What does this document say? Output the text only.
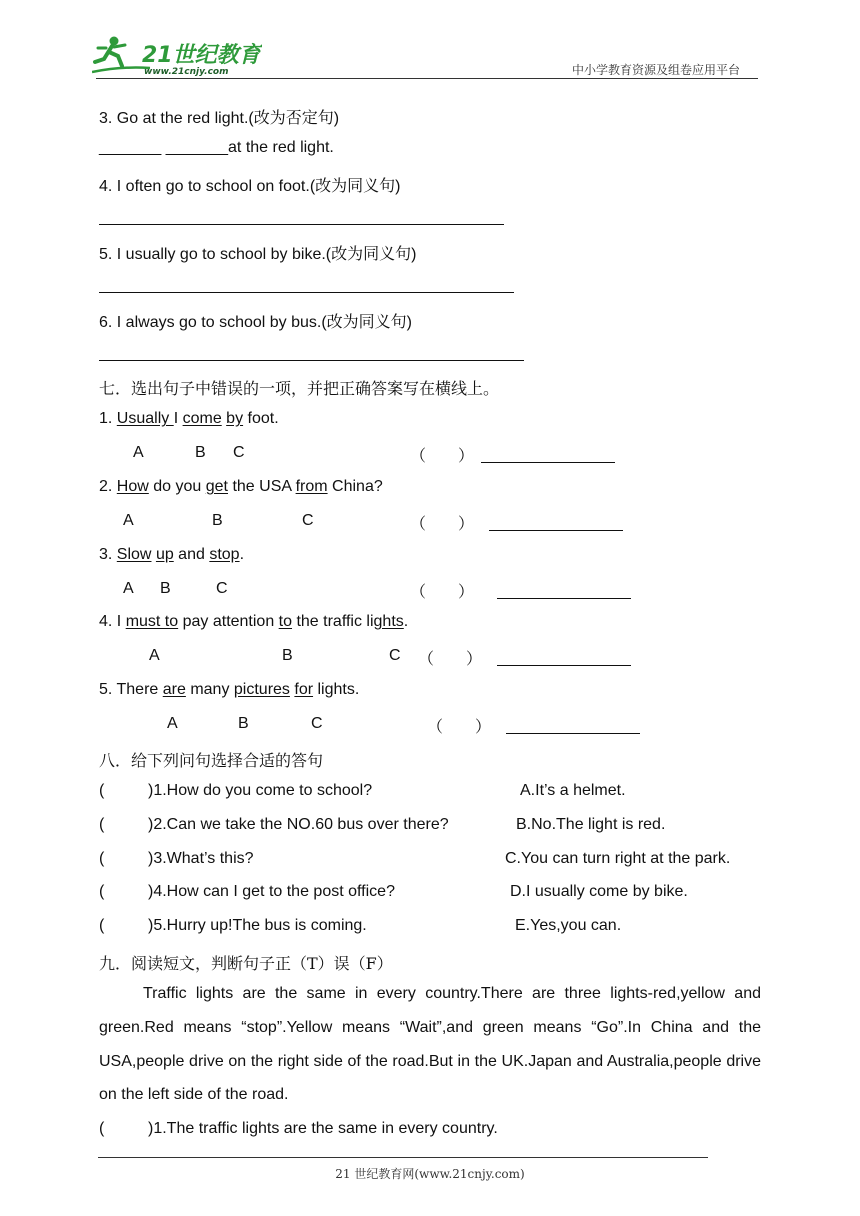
21世纪教育
www.21cnjy.com	中小学教育资源及组卷应用平台
3. Go at the red light.(改为否定句)
_______ _______at the red light.
4. I often go to school on foot.(改为同义句)
5. I usually go to school by bike.(改为同义句)
6. I always go to school by bus.(改为同义句)
七．选出句子中错误的一项，并把正确答案写在横线上。
1. Usually I come by foot.
A	B C	（　　）
2. How do you get the USA from China?
A	B	C	（　　）
3. Slow up and stop.
A B	C	（　　）
4. I must to pay attention to the traffic lights.
A	B	C （　　）
5. There are many pictures for lights.
A	B	C	（　　）
八．给下列问句选择合适的答句
(	)1.How do you come to school?	A.It’s a helmet.
(	)2.Can we take the NO.60 bus over there?	B.No.The light is red.
(	)3.What’s this?	C.You can turn right at the park.
(	)4.How can I get to the post office?	D.I usually come by bike.
(	)5.Hurry up!The bus is coming.	E.Yes,you can.
九．阅读短文，判断句子正（T）误（F）

Traffic lights are the same in every country.There are three lights-red,yellow and green.Red means “stop”.Yellow means “Wait”,and green means “Go”.In China and the USA,people drive on the right side of the road.But in the UK.Japan and Australia,people drive on the left side of the road.

(	)1.The traffic lights are the same in every country.
21 世纪教育网(www.21cnjy.com)
